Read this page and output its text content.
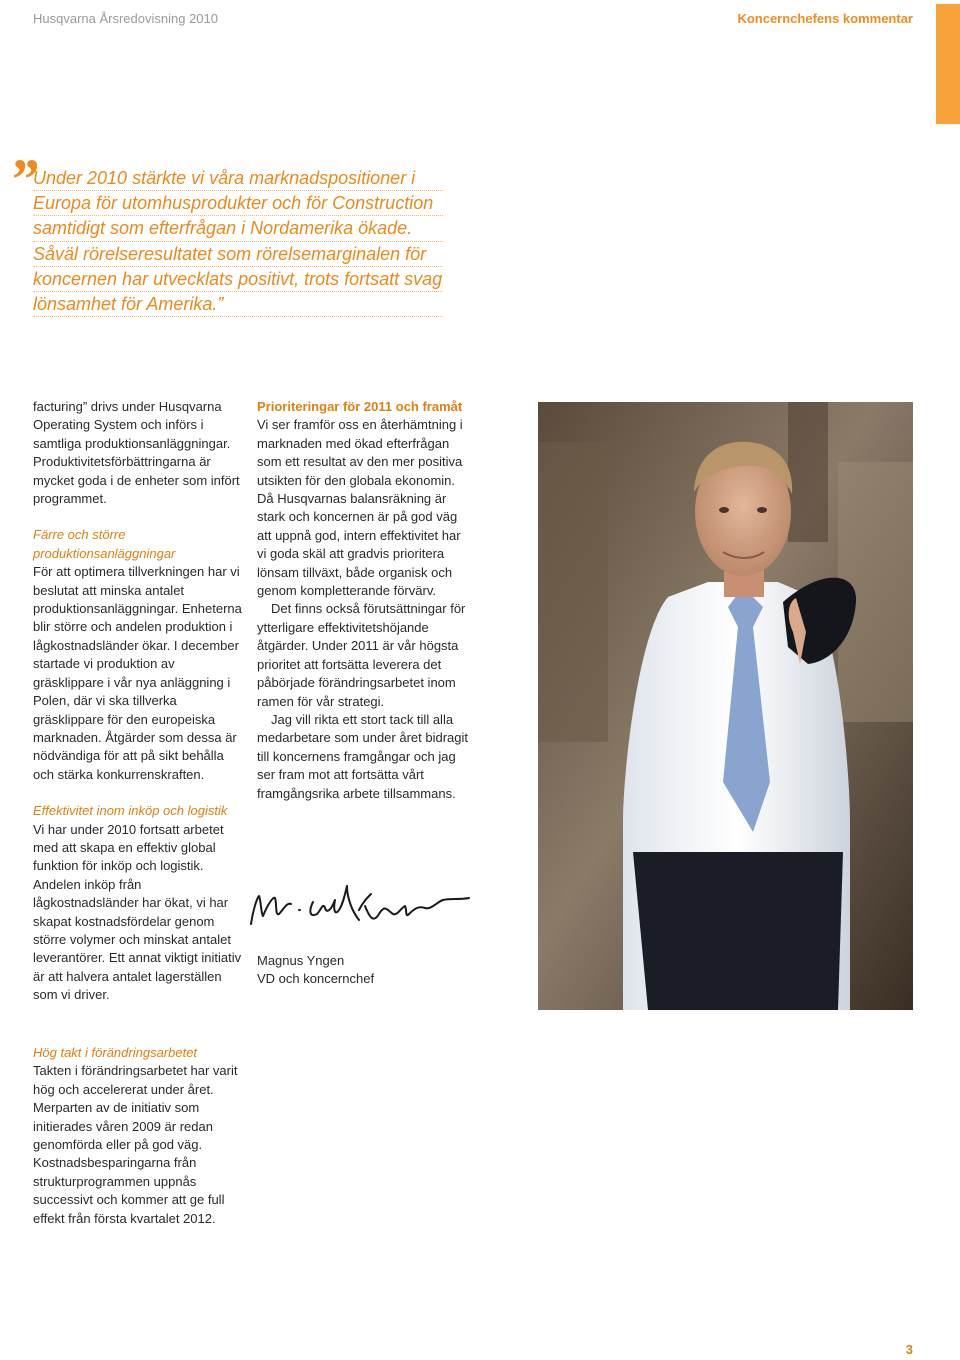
Husqvarna Årsredovisning 2010	Koncernchefens kommentar
”
Under 2010 stärkte vi våra marknadspositioner i
Europa för utomhusprodukter och för Construction
samtidigt som efterfrågan i Nordamerika ökade.
Såväl rörelseresultatet som rörelsemarginalen för
koncernen har utvecklats positivt, trots fortsatt svag
lönsamhet för Amerika.”

facturing” drivs under Husqvarna Operating System och införs i samtliga produktionsanläggningar. Produktivitetsförbättringarna är mycket goda i de enheter som infört programmet.

Färre och större produktionsanläggningar

För att optimera tillverkningen har vi beslutat att minska antalet produktionsanläggningar. Enheterna blir större och andelen produktion i lågkostnadsländer ökar. I december startade vi produktion av gräsklippare i vår nya anläggning i Polen, där vi ska tillverka gräsklippare för den europeiska marknaden. Åtgärder som dessa är nödvändiga för att på sikt behålla och stärka konkurrenskraften.

Effektivitet inom inköp och logistik

Vi har under 2010 fortsatt arbetet med att skapa en effektiv global funktion för inköp och logistik. Andelen inköp från lågkostnadsländer har ökat, vi har skapat kostnadsfördelar genom större volymer och minskat antalet leverantörer. Ett annat viktigt initiativ är att halvera antalet lagerställen som vi driver.

Hög takt i förändringsarbetet

Takten i förändringsarbetet har varit hög och accelererat under året. Merparten av de initiativ som initierades våren 2009 är redan genomförda eller på god väg. Kostnadsbesparingarna från strukturprogrammen uppnås successivt och kommer att ge full effekt från första kvartalet 2012.

Prioriteringar för 2011 och framåt

Vi ser framför oss en återhämtning i marknaden med ökad efterfrågan som ett resultat av den mer positiva utsikten för den globala ekonomin. Då Husqvarnas balansräkning är stark och koncernen är på god väg att uppnå god, intern effektivitet har vi goda skäl att gradvis prioritera lönsam tillväxt, både organisk och genom kompletterande förvärv.

Det finns också förutsättningar för ytterligare effektivitetshöjande åtgärder. Under 2011 är vår högsta prioritet att fortsätta leverera det påbörjade förändringsarbetet inom ramen för vår strategi.

Jag vill rikta ett stort tack till alla medarbetare som under året bidragit till koncernens framgångar och jag ser fram mot att fortsätta vårt framgångsrika arbete tillsammans.

Magnus Yngen
VD och koncernchef
3
